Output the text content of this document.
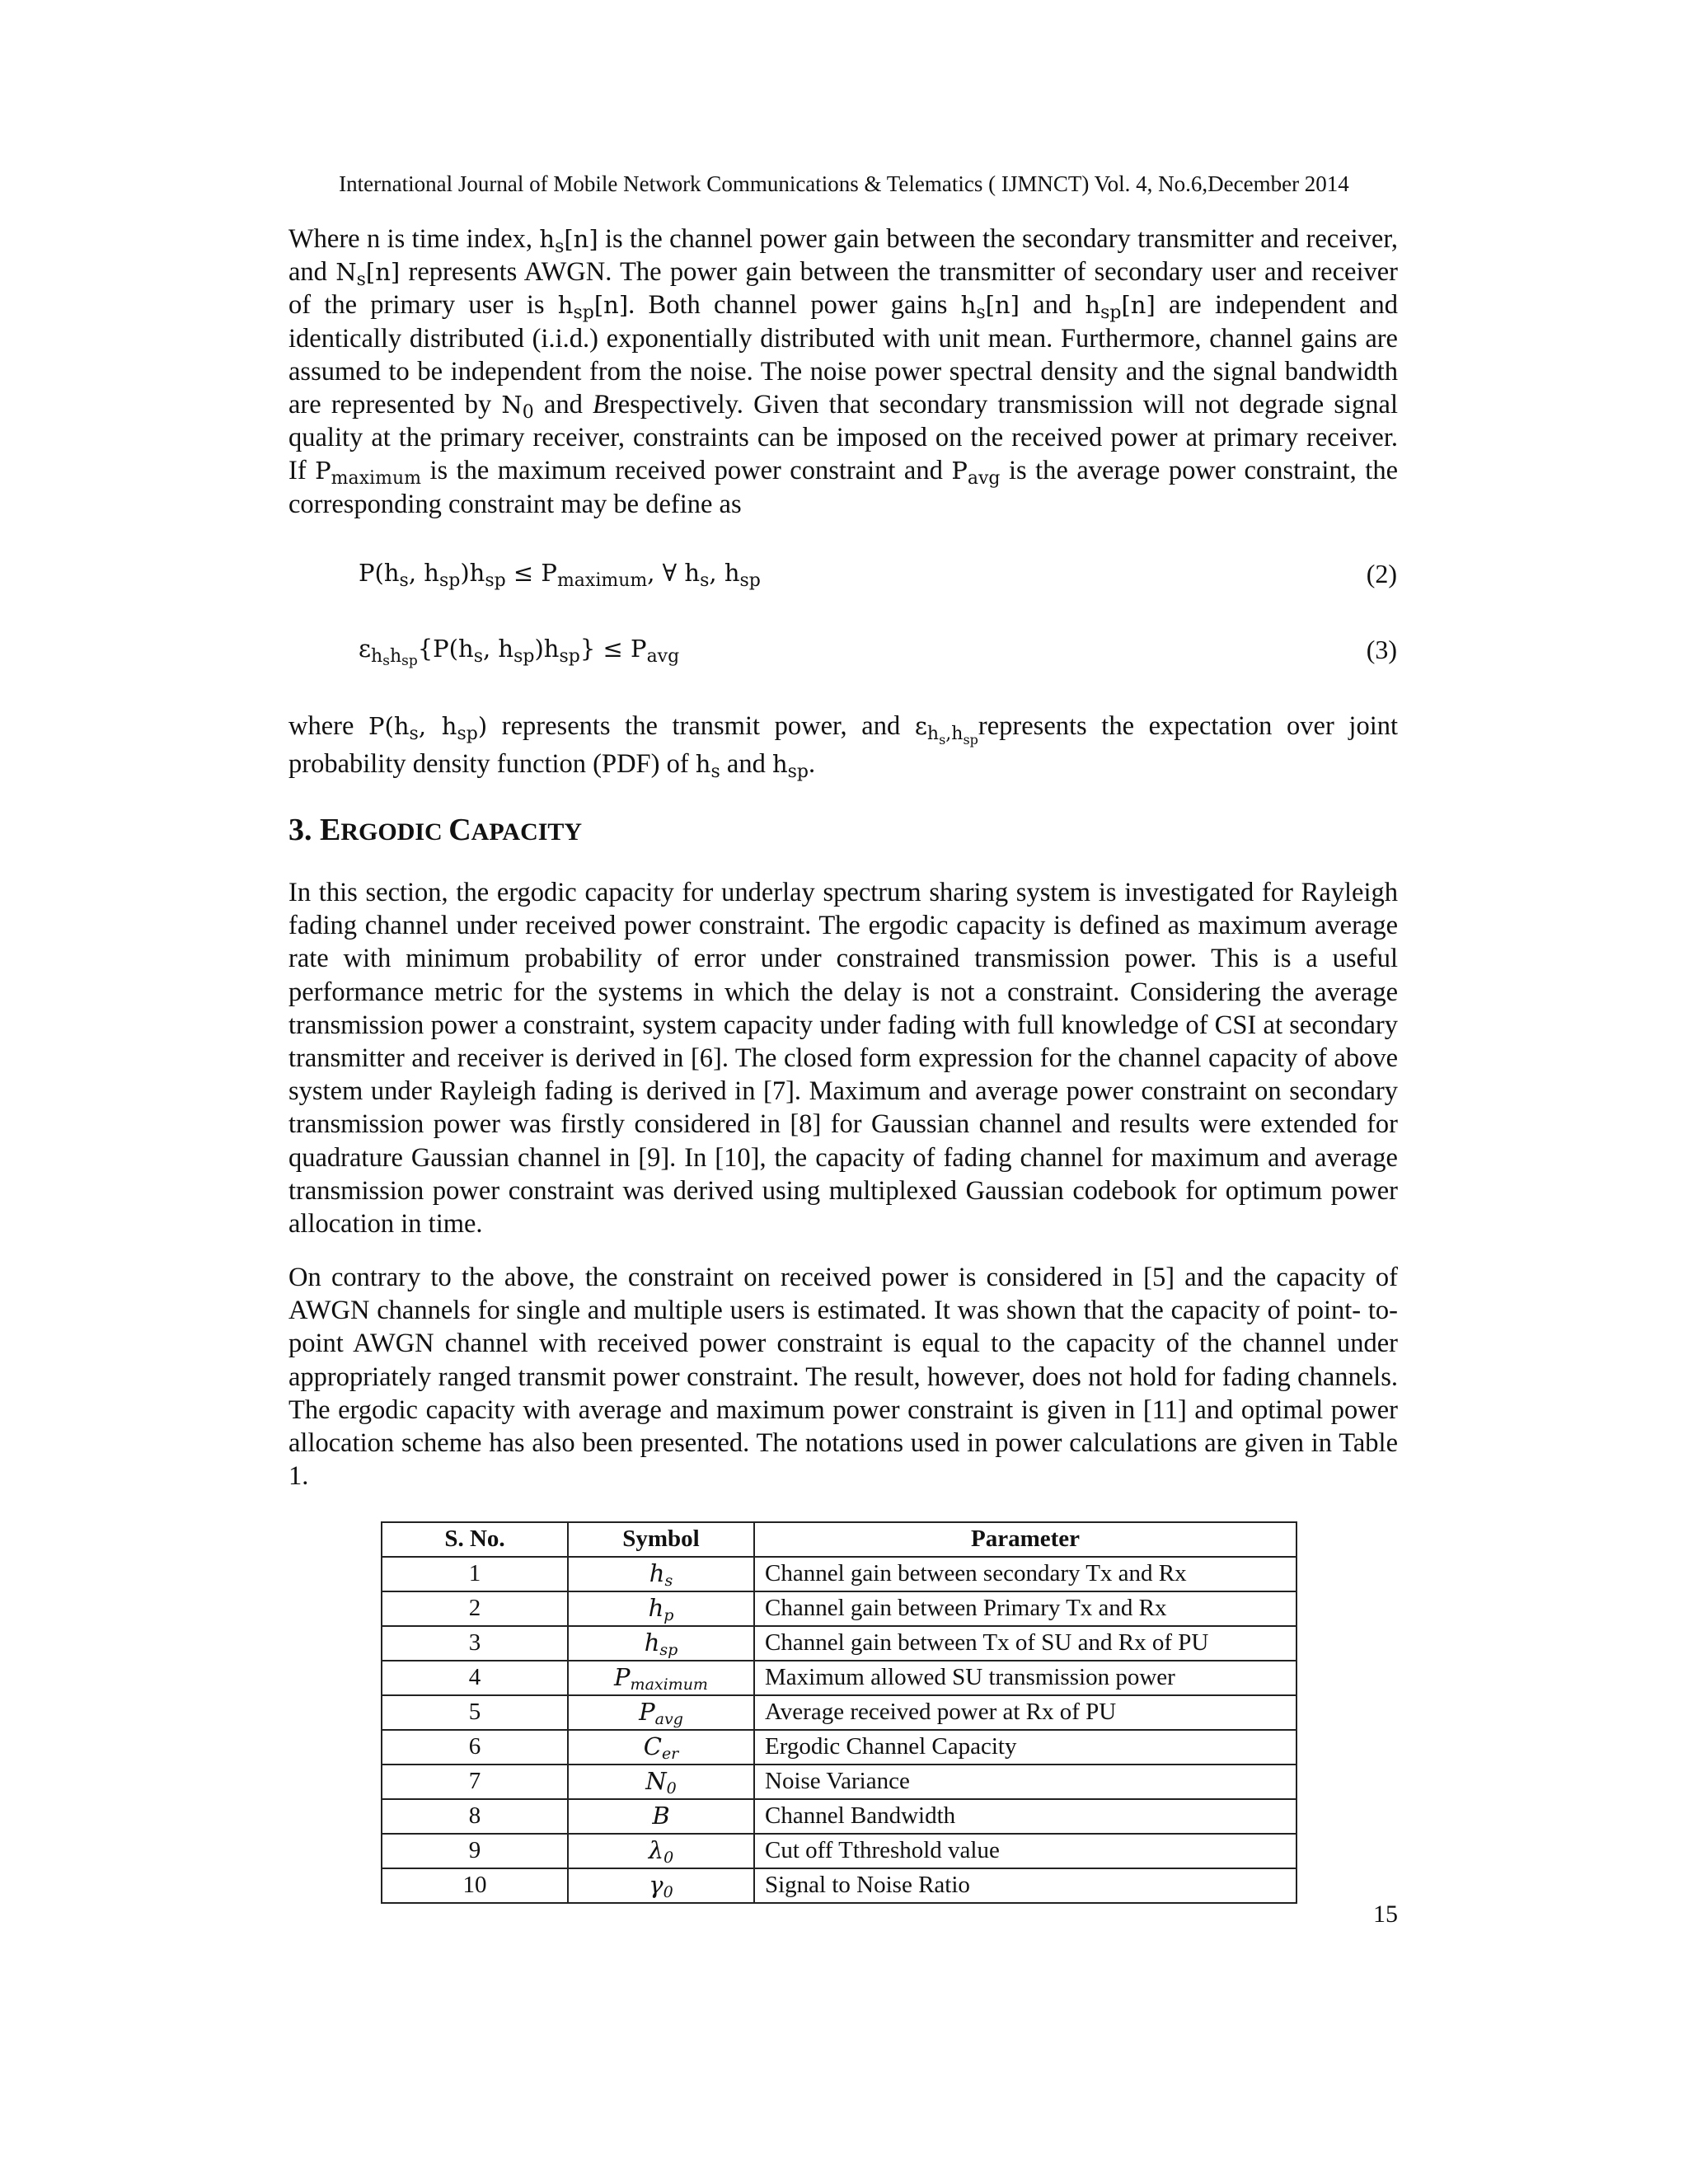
International Journal of Mobile Network Communications & Telematics ( IJMNCT) Vol. 4, No.6,December 2014

Where n is time index, $h_s[n]$ is the channel power gain between the secondary transmitter and receiver, and $N_s[n]$ represents AWGN. The power gain between the transmitter of secondary user and receiver of the primary user is $h_{sp}[n]$. Both channel power gains $h_s[n]$ and $h_{sp}[n]$ are independent and identically distributed (i.i.d.) exponentially distributed with unit mean. Furthermore, channel gains are assumed to be independent from the noise. The noise power spectral density and the signal bandwidth are represented by $N_0$ and Brespectively. Given that secondary transmission will not degrade signal quality at the primary receiver, constraints can be imposed on the received power at primary receiver. If $P_{maximum}$ is the maximum received power constraint and $P_{avg}$ is the average power constraint, the corresponding constraint may be define as

$P(h_s$, $h_{sp})h_{sp} \le P_{maximum}$, ∀ $h_s$, $h_{sp}$	(2)
$\varepsilon_{h_sh_{sp}}\{P(h_s$, $h_{sp})h_{sp}\} \le P_{avg}$	(3)

where $P(h_s$, $h_{sp}$) represents the transmit power, and $\varepsilon_{h_s,h_{sp}}represents$ the expectation over joint probability density function (PDF) of $h_s$ and $h_{sp}$.

3. ERGODIC CAPACITY

In this section, the ergodic capacity for underlay spectrum sharing system is investigated for Rayleigh fading channel under received power constraint. The ergodic capacity is defined as maximum average rate with minimum probability of error under constrained transmission power. This is a useful performance metric for the systems in which the delay is not a constraint. Considering the average transmission power a constraint, system capacity under fading with full knowledge of CSI at secondary transmitter and receiver is derived in [6]. The closed form expression for the channel capacity of above system under Rayleigh fading is derived in [7]. Maximum and average power constraint on secondary transmission power was firstly considered in [8] for Gaussian channel and results were extended for quadrature Gaussian channel in [9]. In [10], the capacity of fading channel for maximum and average transmission power constraint was derived using multiplexed Gaussian codebook for optimum power allocation in time.

On contrary to the above, the constraint on received power is considered in [5] and the capacity of AWGN channels for single and multiple users is estimated. It was shown that the capacity of point- to- point AWGN channel with received power constraint is equal to the capacity of the channel under appropriately ranged transmit power constraint. The result, however, does not hold for fading channels. The ergodic capacity with average and maximum power constraint is given in [11] and optimal power allocation scheme has also been presented. The notations used in power calculations are given in Table 1.

S. No.	Symbol	Parameter
1	$h_s$	Channel gain between secondary Tx and Rx
2	$h_p$	Channel gain between Primary Tx and Rx
3	$h_{sp}$	Channel gain between Tx of SU and Rx of PU
4	$P_{maximum}$	Maximum allowed SU transmission power
5	$P_{avg}$	Average received power at Rx of PU
6	$C_{er}$	Ergodic Channel Capacity
7	$N_0$	Noise Variance
8	B	Channel Bandwidth
9	$\lambda_0$	Cut off Tthreshold value
10	$\gamma_0$	Signal to Noise Ratio
15
